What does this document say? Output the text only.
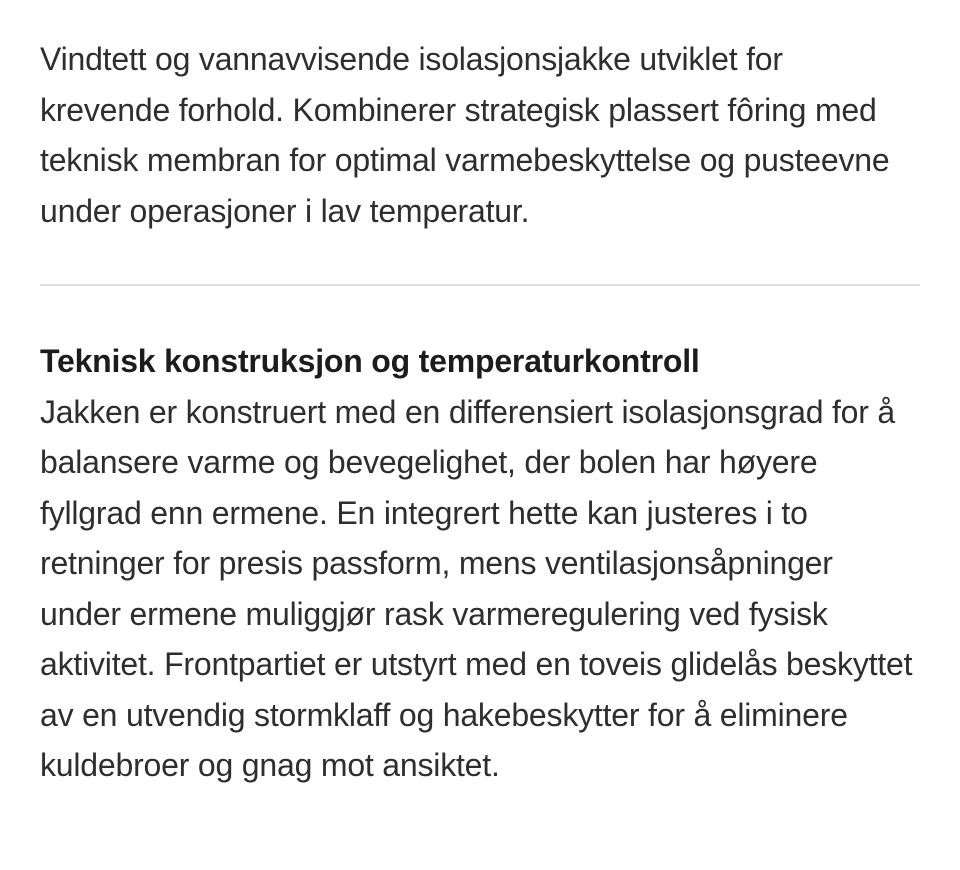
Vindtett og vannavvisende isolasjonsjakke utviklet for krevende forhold. Kombinerer strategisk plassert fôring med teknisk membran for optimal varmebeskyttelse og pusteevne under operasjoner i lav temperatur.

Teknisk konstruksjon og temperaturkontroll

Jakken er konstruert med en differensiert isolasjonsgrad for å balansere varme og bevegelighet, der bolen har høyere fyllgrad enn ermene. En integrert hette kan justeres i to retninger for presis passform, mens ventilasjonsåpninger under ermene muliggjør rask varmeregulering ved fysisk aktivitet. Frontpartiet er utstyrt med en toveis glidelås beskyttet av en utvendig stormklaff og hakebeskytter for å eliminere kuldebroer og gnag mot ansiktet.
